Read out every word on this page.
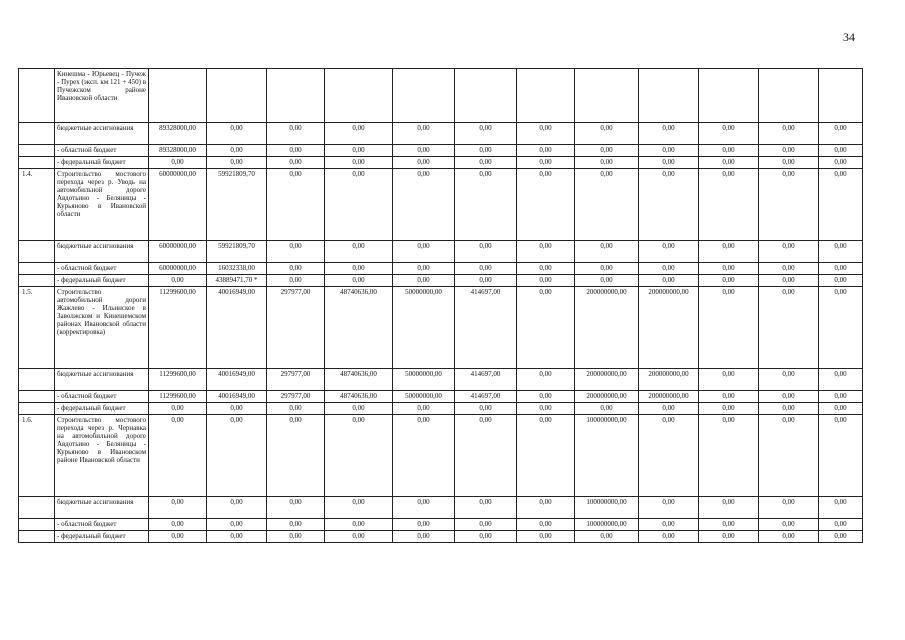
34
	Кинешма - Юрьевец - Пучеж - Пурех (эксп. км 121 + 450) в Пучежском районе Ивановской области												
	бюджетные ассигнования	89328000,00	0,00	0,00	0,00	0,00	0,00	0,00	0,00	0,00	0,00	0,00	0,00
	- областной бюджет	89328000,00	0,00	0,00	0,00	0,00	0,00	0,00	0,00	0,00	0,00	0,00	0,00
	- федеральный бюджет	0,00	0,00	0,00	0,00	0,00	0,00	0,00	0,00	0,00	0,00	0,00	0,00
1.4.	Строительство мостового перехода через р. Уводь на автомобильной дороге Авдотьино - Беляницы - Курьяново в Ивановской области	60000000,00	59921809,70	0,00	0,00	0,00	0,00	0,00	0,00	0,00	0,00	0,00	0,00
	бюджетные ассигнования	60000000,00	59921809,70	0,00	0,00	0,00	0,00	0,00	0,00	0,00	0,00	0,00	0,00
	- областной бюджет	60000000,00	16032338,00	0,00	0,00	0,00	0,00	0,00	0,00	0,00	0,00	0,00	0,00
	- федеральный бюджет	0,00	43889471,70 *	0,00	0,00	0,00	0,00	0,00	0,00	0,00	0,00	0,00	0,00
1.5.	Строительство автомобильной дороги Жажлево - Ильинское в Заволжском и Кинешемском районах Ивановской области (корректировка)	11299600,00	40016949,00	297977,00	48740636,00	50000000,00	414697,00	0,00	200000000,00	200000000,00	0,00	0,00	0,00
	бюджетные ассигнования	11299600,00	40016949,00	297977,00	48740636,00	50000000,00	414697,00	0,00	200000000,00	200000000,00	0,00	0,00	0,00
	- областной бюджет	11299600,00	40016949,00	297977,00	48740636,00	50000000,00	414697,00	0,00	200000000,00	200000000,00	0,00	0,00	0,00
	- федеральный бюджет	0,00	0,00	0,00	0,00	0,00	0,00	0,00	0,00	0,00	0,00	0,00	0,00
1.6.	Строительство мостового перехода через р. Чернавка на автомобильной дороге Авдотьино - Беляницы - Курьяново в Ивановском районе Ивановской области	0,00	0,00	0,00	0,00	0,00	0,00	0,00	100000000,00	0,00	0,00	0,00	0,00
	бюджетные ассигнования	0,00	0,00	0,00	0,00	0,00	0,00	0,00	100000000,00	0,00	0,00	0,00	0,00
	- областной бюджет	0,00	0,00	0,00	0,00	0,00	0,00	0,00	100000000,00	0,00	0,00	0,00	0,00
	- федеральный бюджет	0,00	0,00	0,00	0,00	0,00	0,00	0,00	0,00	0,00	0,00	0,00	0,00
